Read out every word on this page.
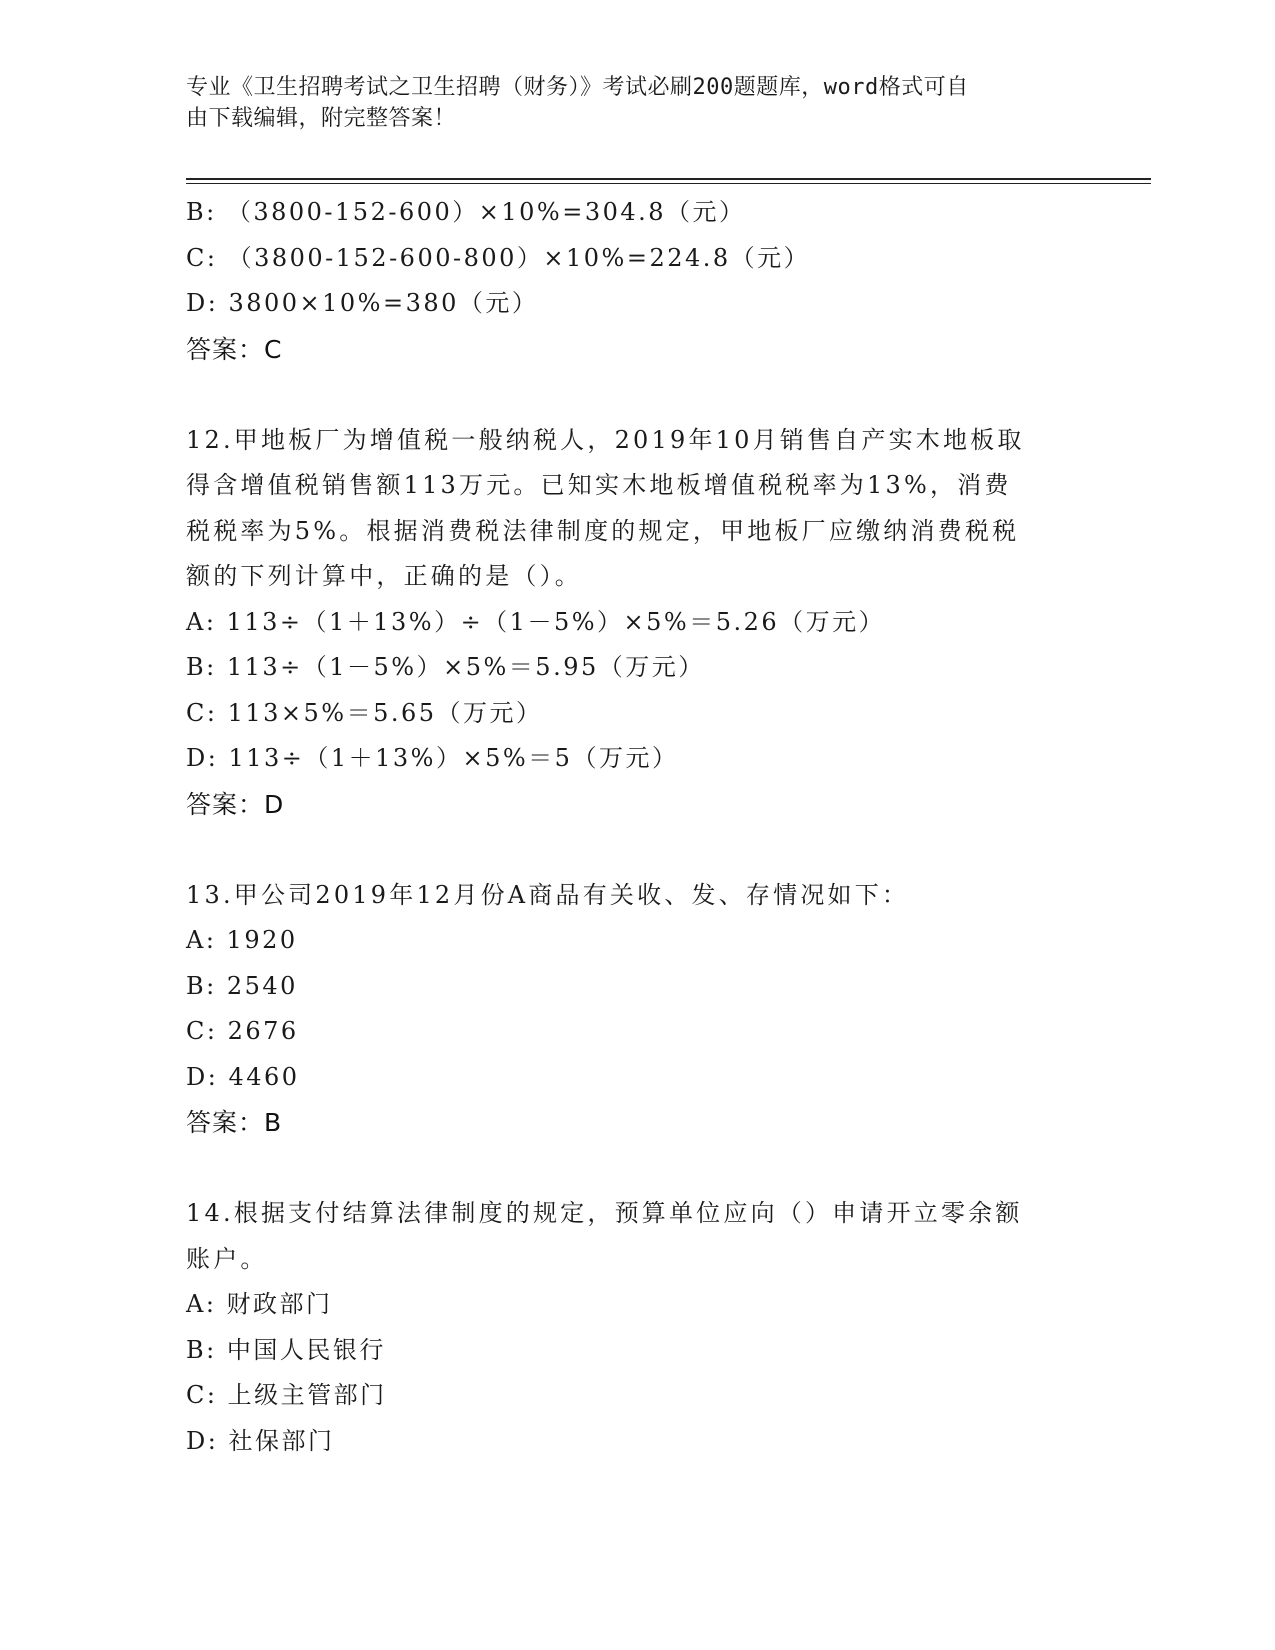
专业《卫生招聘考试之卫生招聘（财务）》考试必刷200题题库，word格式可自
由下载编辑，附完整答案！
B: （3800-152-600）×10%=304.8（元）
C: （3800-152-600-800）×10%=224.8（元）
D: 3800×10%=380（元）
答案：C
12.甲地板厂为增值税一般纳税人，2019年10月销售自产实木地板取
得含增值税销售额113万元。已知实木地板增值税税率为13%，消费
税税率为5%。根据消费税法律制度的规定，甲地板厂应缴纳消费税税
额的下列计算中，正确的是（）。
A: 113÷（1＋13%）÷（1－5%）×5%＝5.26（万元）
B: 113÷（1－5%）×5%＝5.95（万元）
C: 113×5%＝5.65（万元）
D: 113÷（1＋13%）×5%＝5（万元）
答案：D
13.甲公司2019年12月份A商品有关收、发、存情况如下：
A: 1920
B: 2540
C: 2676
D: 4460
答案：B
14.根据支付结算法律制度的规定，预算单位应向（）申请开立零余额
账户。
A: 财政部门
B: 中国人民银行
C: 上级主管部门
D: 社保部门
